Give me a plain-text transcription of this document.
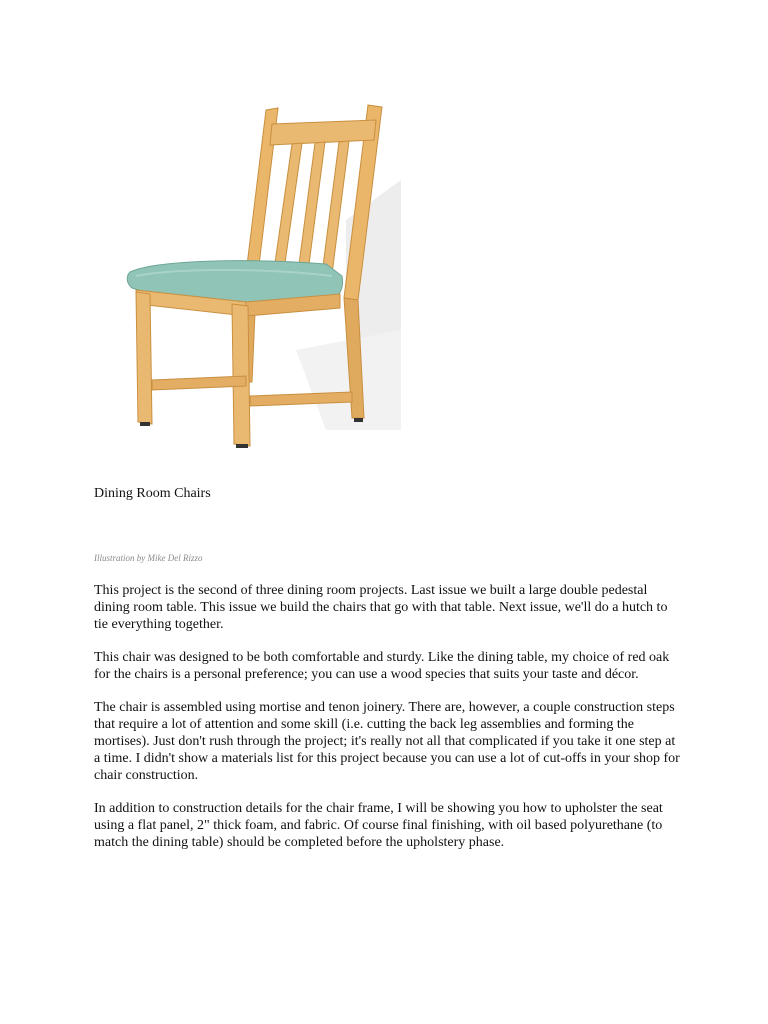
Dining Room Chairs

Illustration by Mike Del Rizzo

This project is the second of three dining room projects. Last issue we built a large double pedestal dining room table. This issue we build the chairs that go with that table. Next issue, we'll do a hutch to tie everything together.

This chair was designed to be both comfortable and sturdy. Like the dining table, my choice of red oak for the chairs is a personal preference; you can use a wood species that suits your taste and décor.

The chair is assembled using mortise and tenon joinery. There are, however, a couple construction steps that require a lot of attention and some skill (i.e. cutting the back leg assemblies and forming the mortises). Just don't rush through the project; it's really not all that complicated if you take it one step at a time. I didn't show a materials list for this project because you can use a lot of cut-offs in your shop for chair construction.

In addition to construction details for the chair frame, I will be showing you how to upholster the seat using a flat panel, 2" thick foam, and fabric. Of course final finishing, with oil based polyurethane (to match the dining table) should be completed before the upholstery phase.
